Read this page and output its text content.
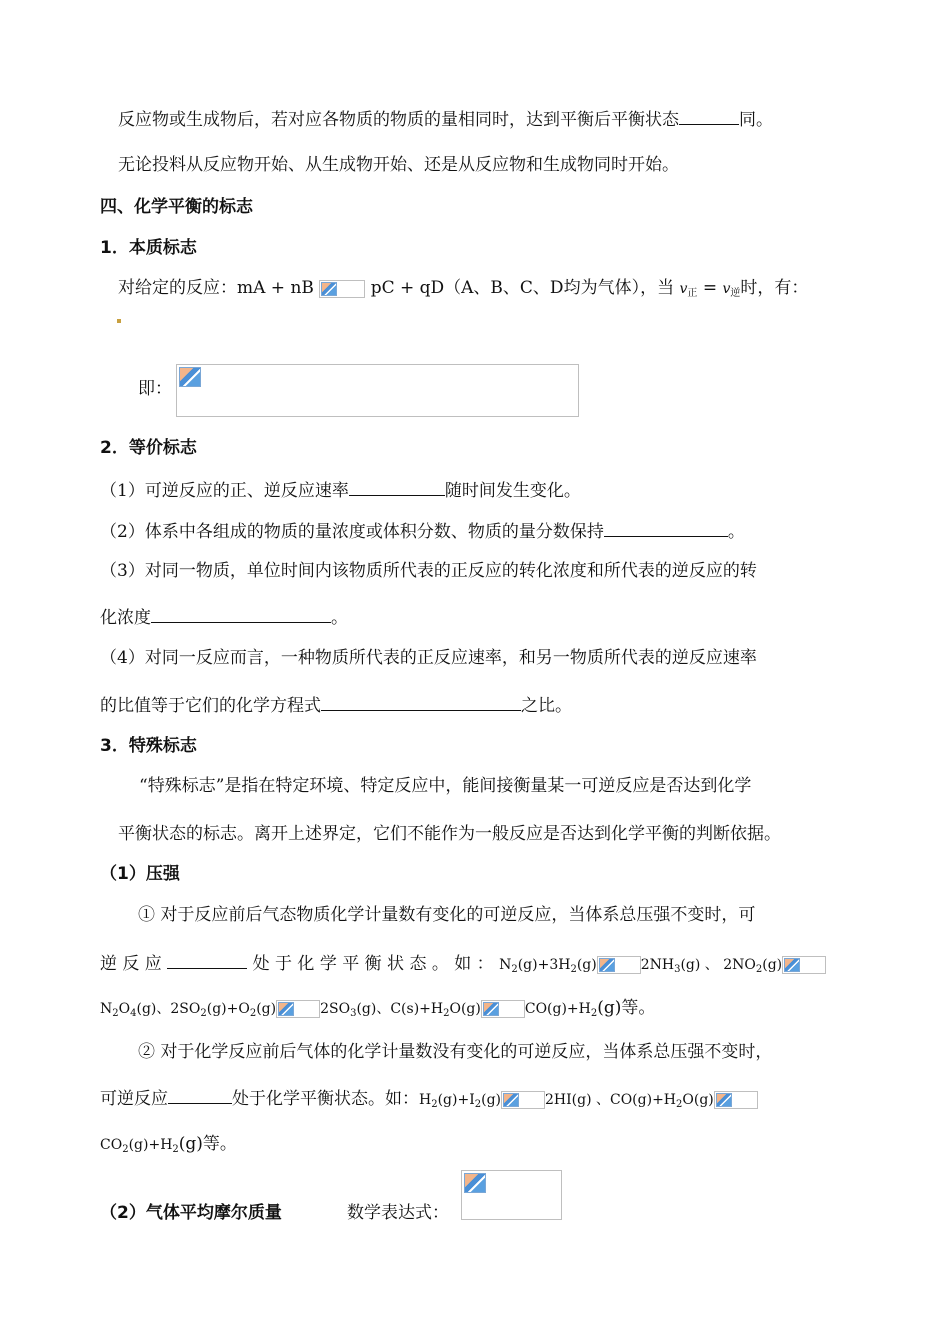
反应物或生成物后，若对应各物质的物质的量相同时，达到平衡后平衡状态	同。
无论投料从反应物开始、从生成物开始、还是从反应物和生成物同时开始。
四、化学平衡的标志
1．本质标志
对给定的反应：mA + nB	pC + qD（A、B、C、D均为气体），当 $v_正 = v_逆$时，有：
即：
2．等价标志
（1）可逆反应的正、逆反应速率	随时间发生变化。
（2）体系中各组成的物质的量浓度或体积分数、物质的量分数保持	。
（3）对同一物质，单位时间内该物质所代表的正反应的转化浓度和所代表的逆反应的转
化浓度	。
（4）对同一反应而言，一种物质所代表的正反应速率，和另一物质所代表的逆反应速率
的比值等于它们的化学方程式	之比。
3．特殊标志
“特殊标志”是指在特定环境、特定反应中，能间接衡量某一可逆反应是否达到化学
平衡状态的标志。离开上述界定，它们不能作为一般反应是否达到化学平衡的判断依据。
（1）压强
① 对于反应前后气态物质化学计量数有变化的可逆反应，当体系总压强不变时，可
逆 反 应	处 于 化 学 平 衡 状 态 。 如 ： $N_2(g)+3H_2(g)$	$2NH_3(g)$ 、 $2NO_2(g)$
$N_2O_4(g)$、$2SO_2(g)+O_2(g)$	$2SO_3(g)$、$C(s)+H_2O(g)$	$CO(g)+H_2(g)$等。
② 对于化学反应前后气体的化学计量数没有变化的可逆反应，当体系总压强不变时，
可逆反应	处于化学平衡状态。如：$H_2(g)+I_2(g)$	2HI(g) 、$CO(g)+H_2O(g)$
$CO_2(g)+H_2(g)$等。
（2）气体平均摩尔质量	数学表达式：
